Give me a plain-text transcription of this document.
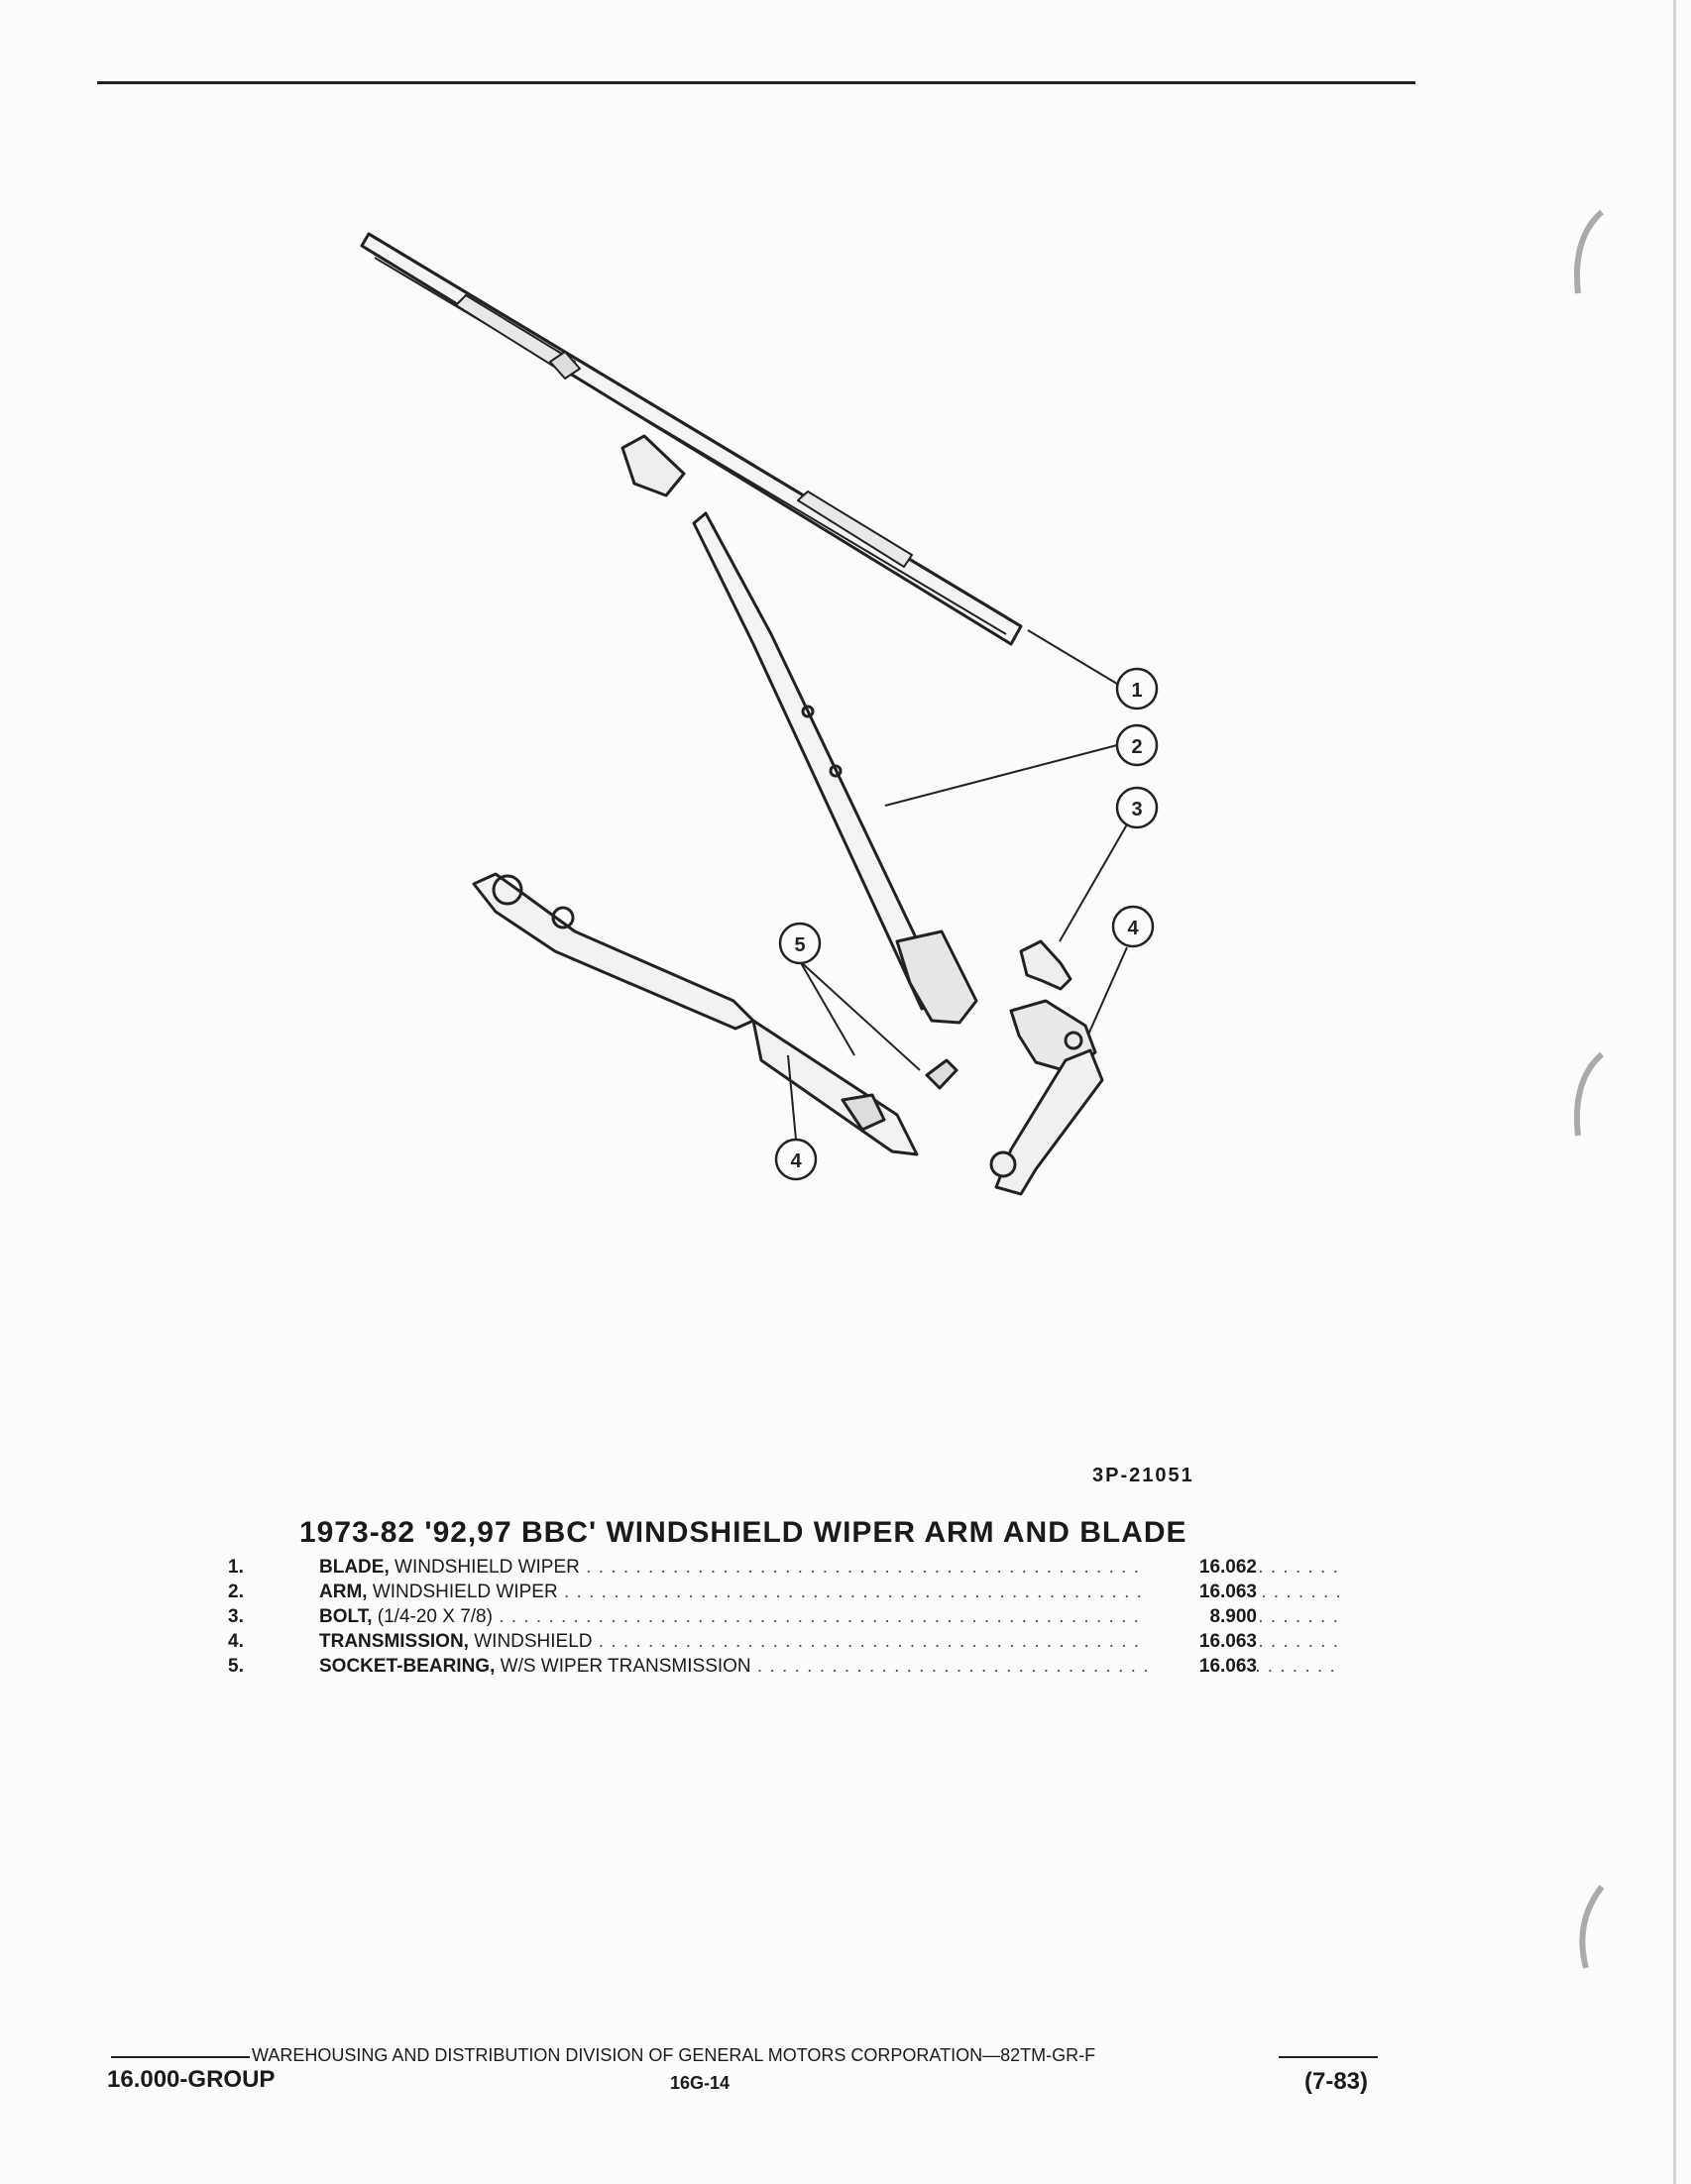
1
2
3
4
5
4
3P-21051
1973-82 '92,97 BBC' WINDSHIELD WIPER ARM AND BLADE
1.	BLADE, WINDSHIELD WIPER . . .	16.062
2.	ARM, WINDSHIELD WIPER . . .	16.063
3.	BOLT, (1/4-20 X 7/8) . . .	8.900
4.	TRANSMISSION, WINDSHIELD . . .	16.063
5.	SOCKET-BEARING, W/S WIPER TRANSMISSION . . .	16.063
WAREHOUSING AND DISTRIBUTION DIVISION OF GENERAL MOTORS CORPORATION—82TM-GR-F
16.000-GROUP	16G-14	(7-83)
